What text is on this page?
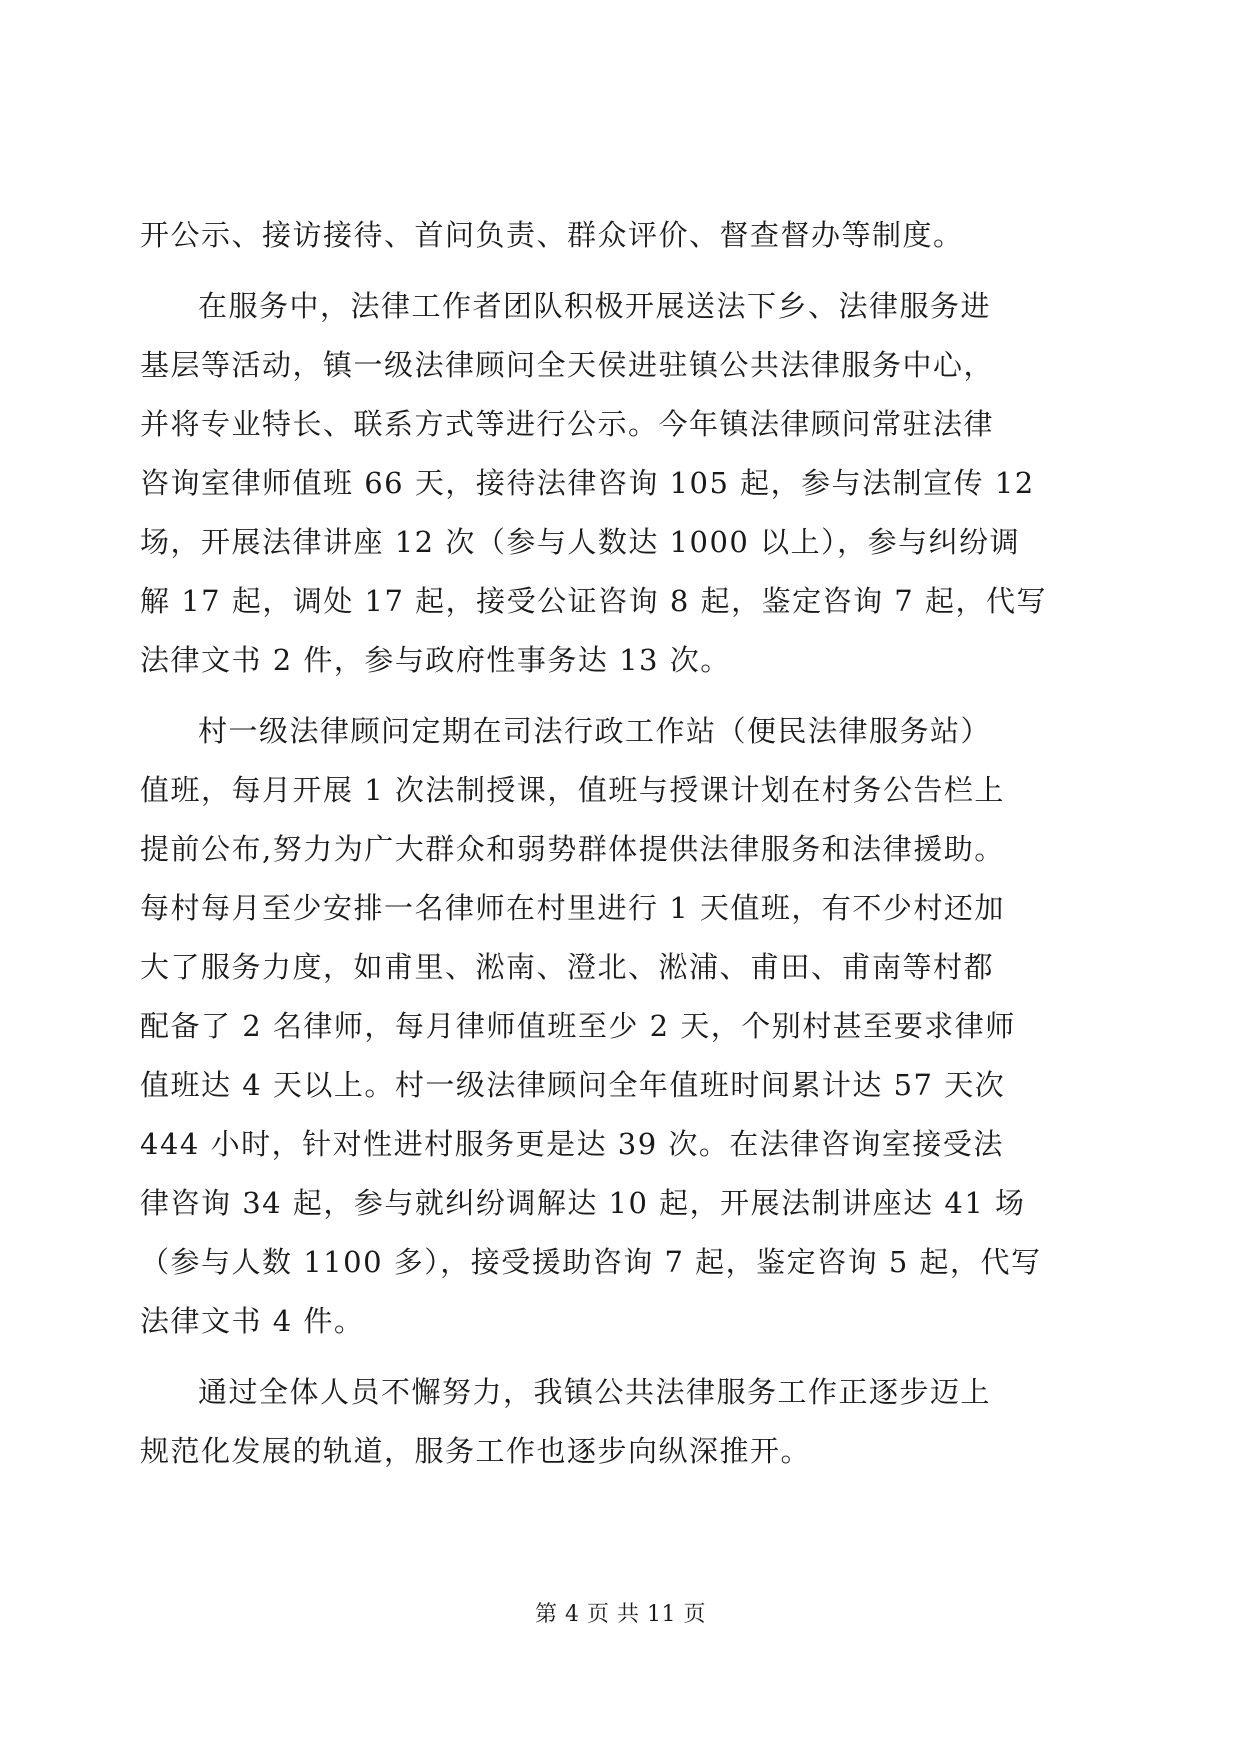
开公示、接访接待、首问负责、群众评价、督查督办等制度。
在服务中，法律工作者团队积极开展送法下乡、法律服务进
基层等活动，镇一级法律顾问全天侯进驻镇公共法律服务中心，
并将专业特长、联系方式等进行公示。今年镇法律顾问常驻法律
咨询室律师值班 66 天，接待法律咨询 105 起，参与法制宣传 12
场，开展法律讲座 12 次（参与人数达 1000 以上），参与纠纷调
解 17 起，调处 17 起，接受公证咨询 8 起，鉴定咨询 7 起，代写
法律文书 2 件，参与政府性事务达 13 次。
村一级法律顾问定期在司法行政工作站（便民法律服务站）
值班，每月开展 1 次法制授课，值班与授课计划在村务公告栏上
提前公布,努力为广大群众和弱势群体提供法律服务和法律援助。
每村每月至少安排一名律师在村里进行 1 天值班，有不少村还加
大了服务力度，如甫里、淞南、澄北、淞浦、甫田、甫南等村都
配备了 2 名律师，每月律师值班至少 2 天，个别村甚至要求律师
值班达 4 天以上。村一级法律顾问全年值班时间累计达 57 天次
444 小时，针对性进村服务更是达 39 次。在法律咨询室接受法
律咨询 34 起，参与就纠纷调解达 10 起，开展法制讲座达 41 场
（参与人数 1100 多），接受援助咨询 7 起，鉴定咨询 5 起，代写
法律文书 4 件。
通过全体人员不懈努力，我镇公共法律服务工作正逐步迈上
规范化发展的轨道，服务工作也逐步向纵深推开。
第 4 页 共 11 页
